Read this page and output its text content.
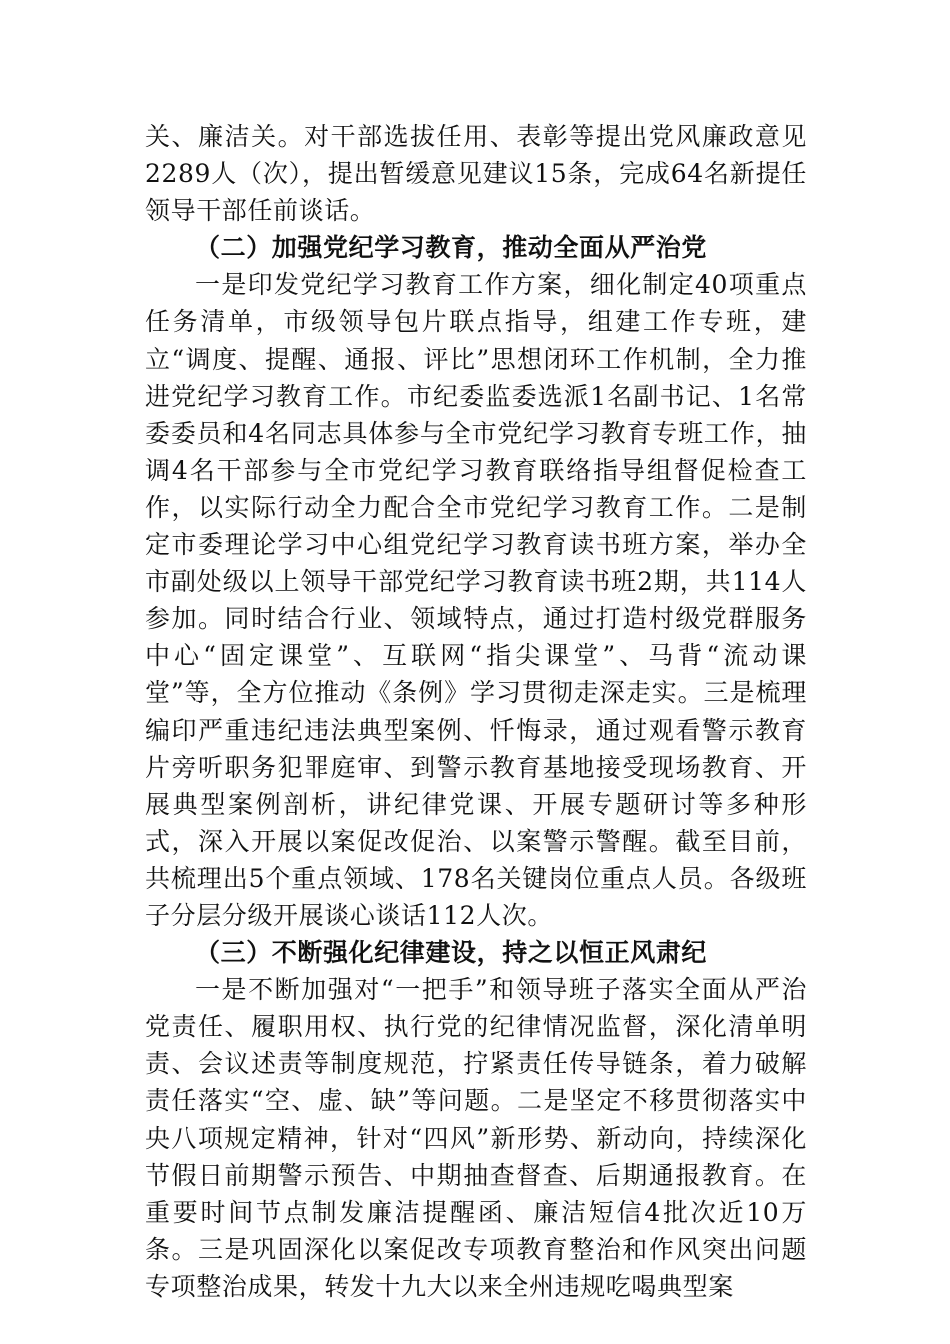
关、廉洁关。对干部选拔任用、表彰等提出党风廉政意见2289人（次），提出暂缓意见建议15条，完成64名新提任领导干部任前谈话。

（二）加强党纪学习教育，推动全面从严治党

一是印发党纪学习教育工作方案，细化制定40项重点任务清单，市级领导包片联点指导，组建工作专班，建立“调度、提醒、通报、评比”思想闭环工作机制，全力推进党纪学习教育工作。市纪委监委选派1名副书记、1名常委委员和4名同志具体参与全市党纪学习教育专班工作，抽调4名干部参与全市党纪学习教育联络指导组督促检查工作，以实际行动全力配合全市党纪学习教育工作。二是制定市委理论学习中心组党纪学习教育读书班方案，举办全市副处级以上领导干部党纪学习教育读书班2期，共114人参加。同时结合行业、领域特点，通过打造村级党群服务中心“固定课堂”、互联网“指尖课堂”、马背“流动课堂”等，全方位推动《条例》学习贯彻走深走实。三是梳理编印严重违纪违法典型案例、忏悔录，通过观看警示教育片旁听职务犯罪庭审、到警示教育基地接受现场教育、开展典型案例剖析，讲纪律党课、开展专题研讨等多种形式，深入开展以案促改促治、以案警示警醒。截至目前，共梳理出5个重点领域、178名关键岗位重点人员。各级班子分层分级开展谈心谈话112人次。

（三）不断强化纪律建设，持之以恒正风肃纪

一是不断加强对“一把手”和领导班子落实全面从严治党责任、履职用权、执行党的纪律情况监督，深化清单明责、会议述责等制度规范，拧紧责任传导链条，着力破解责任落实“空、虚、缺”等问题。二是坚定不移贯彻落实中央八项规定精神，针对“四风”新形势、新动向，持续深化节假日前期警示预告、中期抽查督查、后期通报教育。在重要时间节点制发廉洁提醒函、廉洁短信4批次近10万条。三是巩固深化以案促改专项教育整治和作风突出问题专项整治成果，转发十九大以来全州违规吃喝典型案
